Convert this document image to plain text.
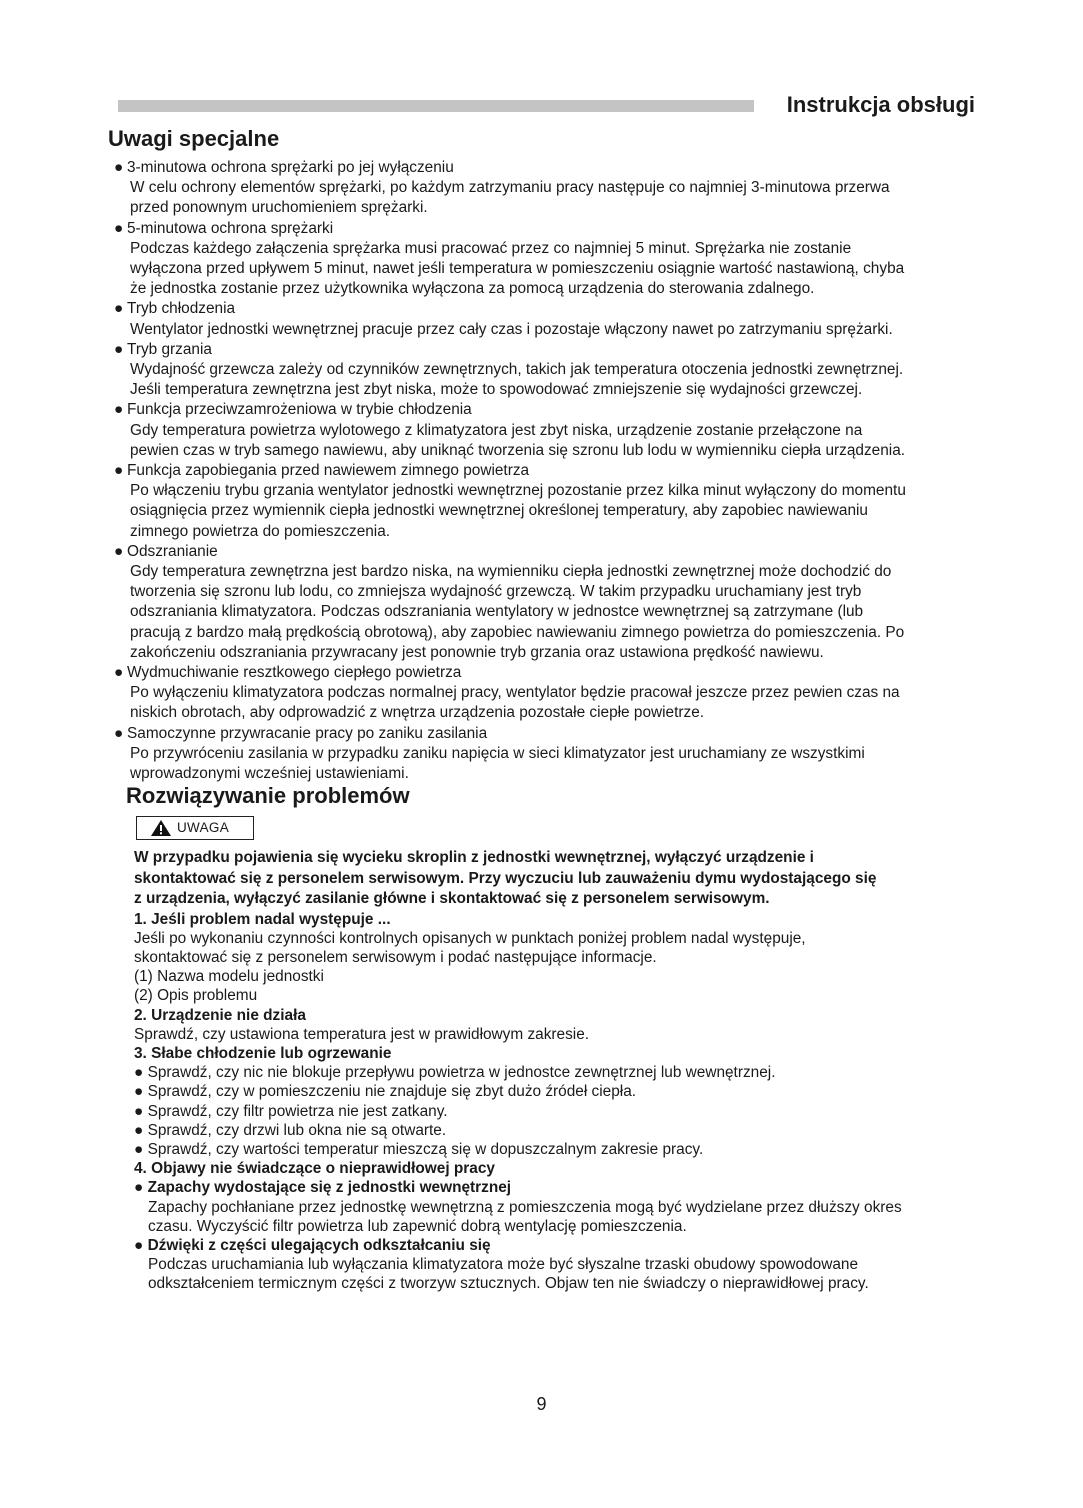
Instrukcja obsługi
Uwagi specjalne
● 3-minutowa ochrona sprężarki po jej wyłączeniu
W celu ochrony elementów sprężarki, po każdym zatrzymaniu pracy następuje co najmniej 3-minutowa przerwa
przed ponownym uruchomieniem sprężarki.
● 5-minutowa ochrona sprężarki
Podczas każdego załączenia sprężarka musi pracować przez co najmniej 5 minut. Sprężarka nie zostanie
wyłączona przed upływem 5 minut, nawet jeśli temperatura w pomieszczeniu osiągnie wartość nastawioną, chyba
że jednostka zostanie przez użytkownika wyłączona za pomocą urządzenia do sterowania zdalnego.
● Tryb chłodzenia
Wentylator jednostki wewnętrznej pracuje przez cały czas i pozostaje włączony nawet po zatrzymaniu sprężarki.
● Tryb grzania
Wydajność grzewcza zależy od czynników zewnętrznych, takich jak temperatura otoczenia jednostki zewnętrznej.
Jeśli temperatura zewnętrzna jest zbyt niska, może to spowodować zmniejszenie się wydajności grzewczej.
● Funkcja przeciwzamrożeniowa w trybie chłodzenia
Gdy temperatura powietrza wylotowego z klimatyzatora jest zbyt niska, urządzenie zostanie przełączone na
pewien czas w tryb samego nawiewu, aby uniknąć tworzenia się szronu lub lodu w wymienniku ciepła urządzenia.
● Funkcja zapobiegania przed nawiewem zimnego powietrza
Po włączeniu trybu grzania wentylator jednostki wewnętrznej pozostanie przez kilka minut wyłączony do momentu
osiągnięcia przez wymiennik ciepła jednostki wewnętrznej określonej temperatury, aby zapobiec nawiewaniu
zimnego powietrza do pomieszczenia.
● Odszranianie
Gdy temperatura zewnętrzna jest bardzo niska, na wymienniku ciepła jednostki zewnętrznej może dochodzić do
tworzenia się szronu lub lodu, co zmniejsza wydajność grzewczą. W takim przypadku uruchamiany jest tryb
odszraniania klimatyzatora. Podczas odszraniania wentylatory w jednostce wewnętrznej są zatrzymane (lub
pracują z bardzo małą prędkością obrotową), aby zapobiec nawiewaniu zimnego powietrza do pomieszczenia. Po
zakończeniu odszraniania przywracany jest ponownie tryb grzania oraz ustawiona prędkość nawiewu.
● Wydmuchiwanie resztkowego ciepłego powietrza
Po wyłączeniu klimatyzatora podczas normalnej pracy, wentylator będzie pracował jeszcze przez pewien czas na
niskich obrotach, aby odprowadzić z wnętrza urządzenia pozostałe ciepłe powietrze.
● Samoczynne przywracanie pracy po zaniku zasilania
Po przywróceniu zasilania w przypadku zaniku napięcia w sieci klimatyzator jest uruchamiany ze wszystkimi
wprowadzonymi wcześniej ustawieniami.
Rozwiązywanie problemów
UWAGA
W przypadku pojawienia się wycieku skroplin z jednostki wewnętrznej, wyłączyć urządzenie i
skontaktować się z personelem serwisowym. Przy wyczuciu lub zauważeniu dymu wydostającego się
z urządzenia, wyłączyć zasilanie główne i skontaktować się z personelem serwisowym.
1. Jeśli problem nadal występuje ...
Jeśli po wykonaniu czynności kontrolnych opisanych w punktach poniżej problem nadal występuje,
skontaktować się z personelem serwisowym i podać następujące informacje.
(1) Nazwa modelu jednostki
(2) Opis problemu
2. Urządzenie nie działa
Sprawdź, czy ustawiona temperatura jest w prawidłowym zakresie.
3. Słabe chłodzenie lub ogrzewanie
● Sprawdź, czy nic nie blokuje przepływu powietrza w jednostce zewnętrznej lub wewnętrznej.
● Sprawdź, czy w pomieszczeniu nie znajduje się zbyt dużo źródeł ciepła.
● Sprawdź, czy filtr powietrza nie jest zatkany.
● Sprawdź, czy drzwi lub okna nie są otwarte.
● Sprawdź, czy wartości temperatur mieszczą się w dopuszczalnym zakresie pracy.
4. Objawy nie świadczące o nieprawidłowej pracy
● Zapachy wydostające się z jednostki wewnętrznej
Zapachy pochłaniane przez jednostkę wewnętrzną z pomieszczenia mogą być wydzielane przez dłuższy okres
czasu. Wyczyścić filtr powietrza lub zapewnić dobrą wentylację pomieszczenia.
● Dźwięki z części ulegających odkształcaniu się
Podczas uruchamiania lub wyłączania klimatyzatora może być słyszalne trzaski obudowy spowodowane
odkształceniem termicznym części z tworzyw sztucznych. Objaw ten nie świadczy o nieprawidłowej pracy.
9
